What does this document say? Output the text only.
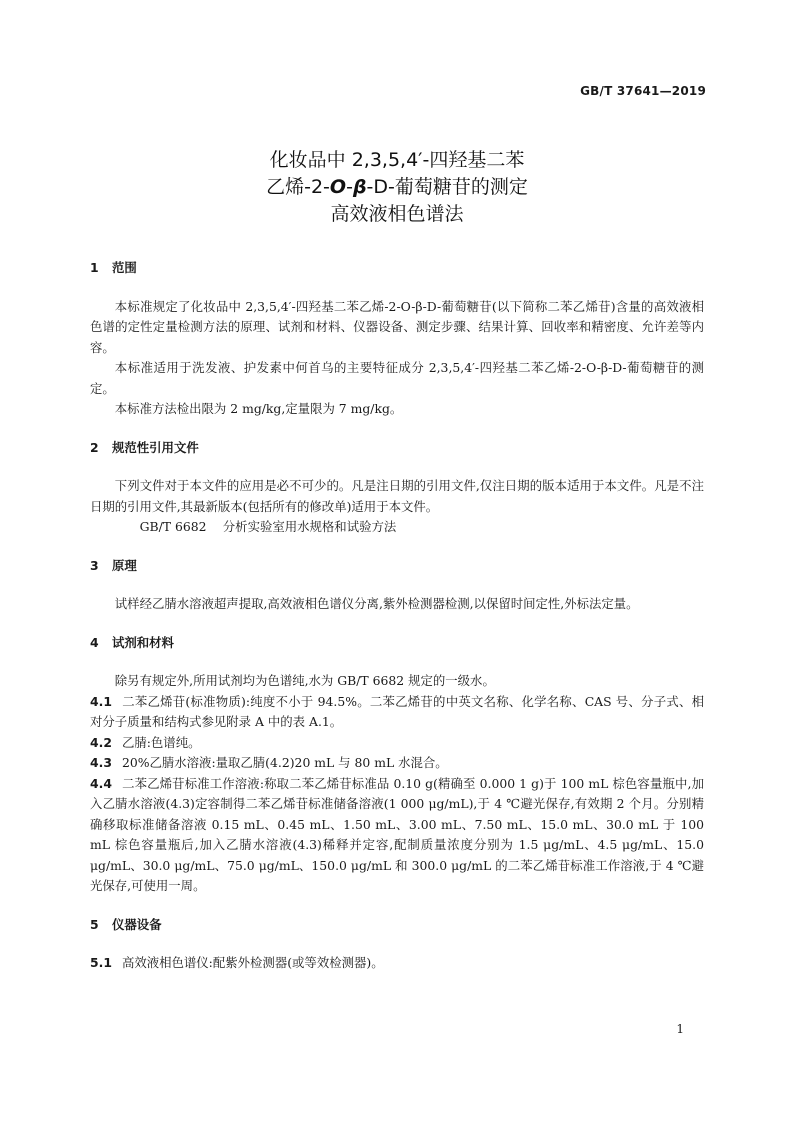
GB/T 37641—2019
化妆品中 2,3,5,4′-四羟基二苯
乙烯-2-O-β-D-葡萄糖苷的测定
高效液相色谱法
1 范围

本标准规定了化妆品中 2,3,5,4′-四羟基二苯乙烯-2-O-β-D-葡萄糖苷(以下简称二苯乙烯苷)含量的高效液相色谱的定性定量检测方法的原理、试剂和材料、仪器设备、测定步骤、结果计算、回收率和精密度、允许差等内容。

本标准适用于洗发液、护发素中何首乌的主要特征成分 2,3,5,4′-四羟基二苯乙烯-2-O-β-D-葡萄糖苷的测定。

本标准方法检出限为 2 mg/kg,定量限为 7 mg/kg。

2 规范性引用文件

下列文件对于本文件的应用是必不可少的。凡是注日期的引用文件,仅注日期的版本适用于本文件。凡是不注日期的引用文件,其最新版本(包括所有的修改单)适用于本文件。

GB/T 6682 分析实验室用水规格和试验方法

3 原理

试样经乙腈水溶液超声提取,高效液相色谱仪分离,紫外检测器检测,以保留时间定性,外标法定量。

4 试剂和材料

除另有规定外,所用试剂均为色谱纯,水为 GB/T 6682 规定的一级水。

4.1 二苯乙烯苷(标准物质):纯度不小于 94.5%。二苯乙烯苷的中英文名称、化学名称、CAS 号、分子式、相对分子质量和结构式参见附录 A 中的表 A.1。

4.2 乙腈:色谱纯。

4.3 20%乙腈水溶液:量取乙腈(4.2)20 mL 与 80 mL 水混合。

4.4 二苯乙烯苷标准工作溶液:称取二苯乙烯苷标准品 0.10 g(精确至 0.000 1 g)于 100 mL 棕色容量瓶中,加入乙腈水溶液(4.3)定容制得二苯乙烯苷标准储备溶液(1 000 μg/mL),于 4 ℃避光保存,有效期 2 个月。分别精确移取标准储备溶液 0.15 mL、0.45 mL、1.50 mL、3.00 mL、7.50 mL、15.0 mL、30.0 mL 于 100 mL 棕色容量瓶后,加入乙腈水溶液(4.3)稀释并定容,配制质量浓度分别为 1.5 μg/mL、4.5 μg/mL、15.0 μg/mL、30.0 μg/mL、75.0 μg/mL、150.0 μg/mL 和 300.0 μg/mL 的二苯乙烯苷标准工作溶液,于 4 ℃避光保存,可使用一周。

5 仪器设备

5.1 高效液相色谱仪:配紫外检测器(或等效检测器)。

1
